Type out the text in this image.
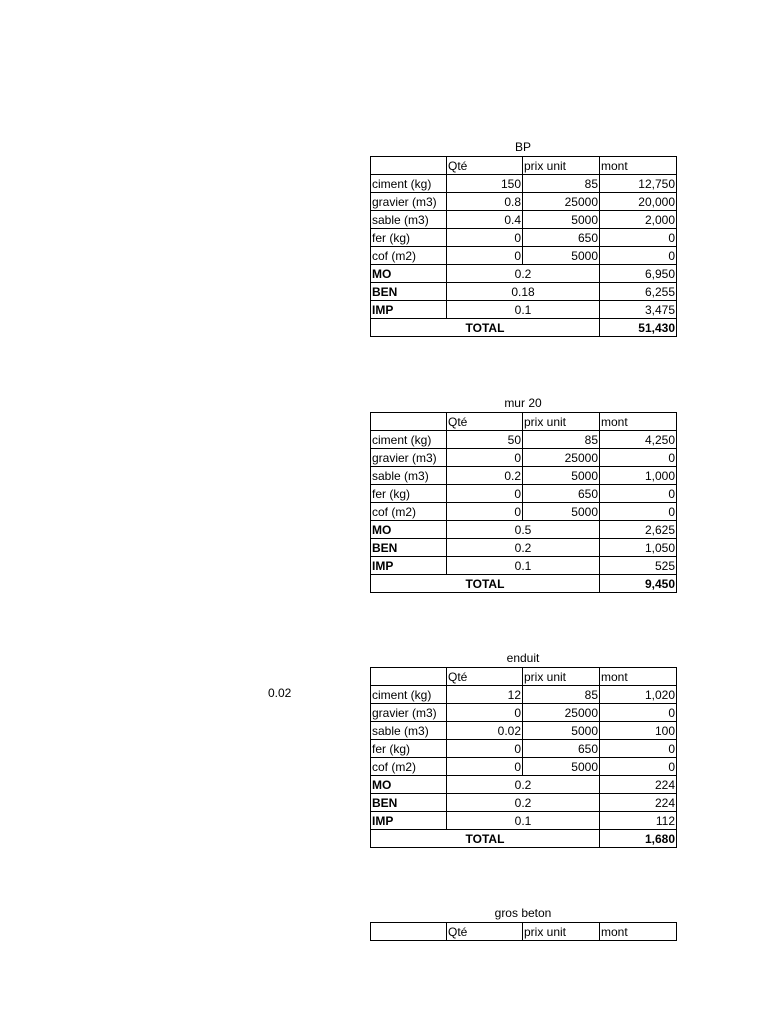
0.02
BP
	Qté	prix unit	mont
ciment (kg)	150	85	12,750
gravier (m3)	0.8	25000	20,000
sable (m3)	0.4	5000	2,000
fer (kg)	0	650	0
cof (m2)	0	5000	0
MO	0.2		6,950
BEN	0.18		6,255
IMP	0.1		3,475
TOTAL			51,430
mur 20
	Qté	prix unit	mont
ciment (kg)	50	85	4,250
gravier (m3)	0	25000	0
sable (m3)	0.2	5000	1,000
fer (kg)	0	650	0
cof (m2)	0	5000	0
MO	0.5		2,625
BEN	0.2		1,050
IMP	0.1		525
TOTAL			9,450
enduit
	Qté	prix unit	mont
ciment (kg)	12	85	1,020
gravier (m3)	0	25000	0
sable (m3)	0.02	5000	100
fer (kg)	0	650	0
cof (m2)	0	5000	0
MO	0.2		224
BEN	0.2		224
IMP	0.1		112
TOTAL			1,680
gros beton
	Qté	prix unit	mont
